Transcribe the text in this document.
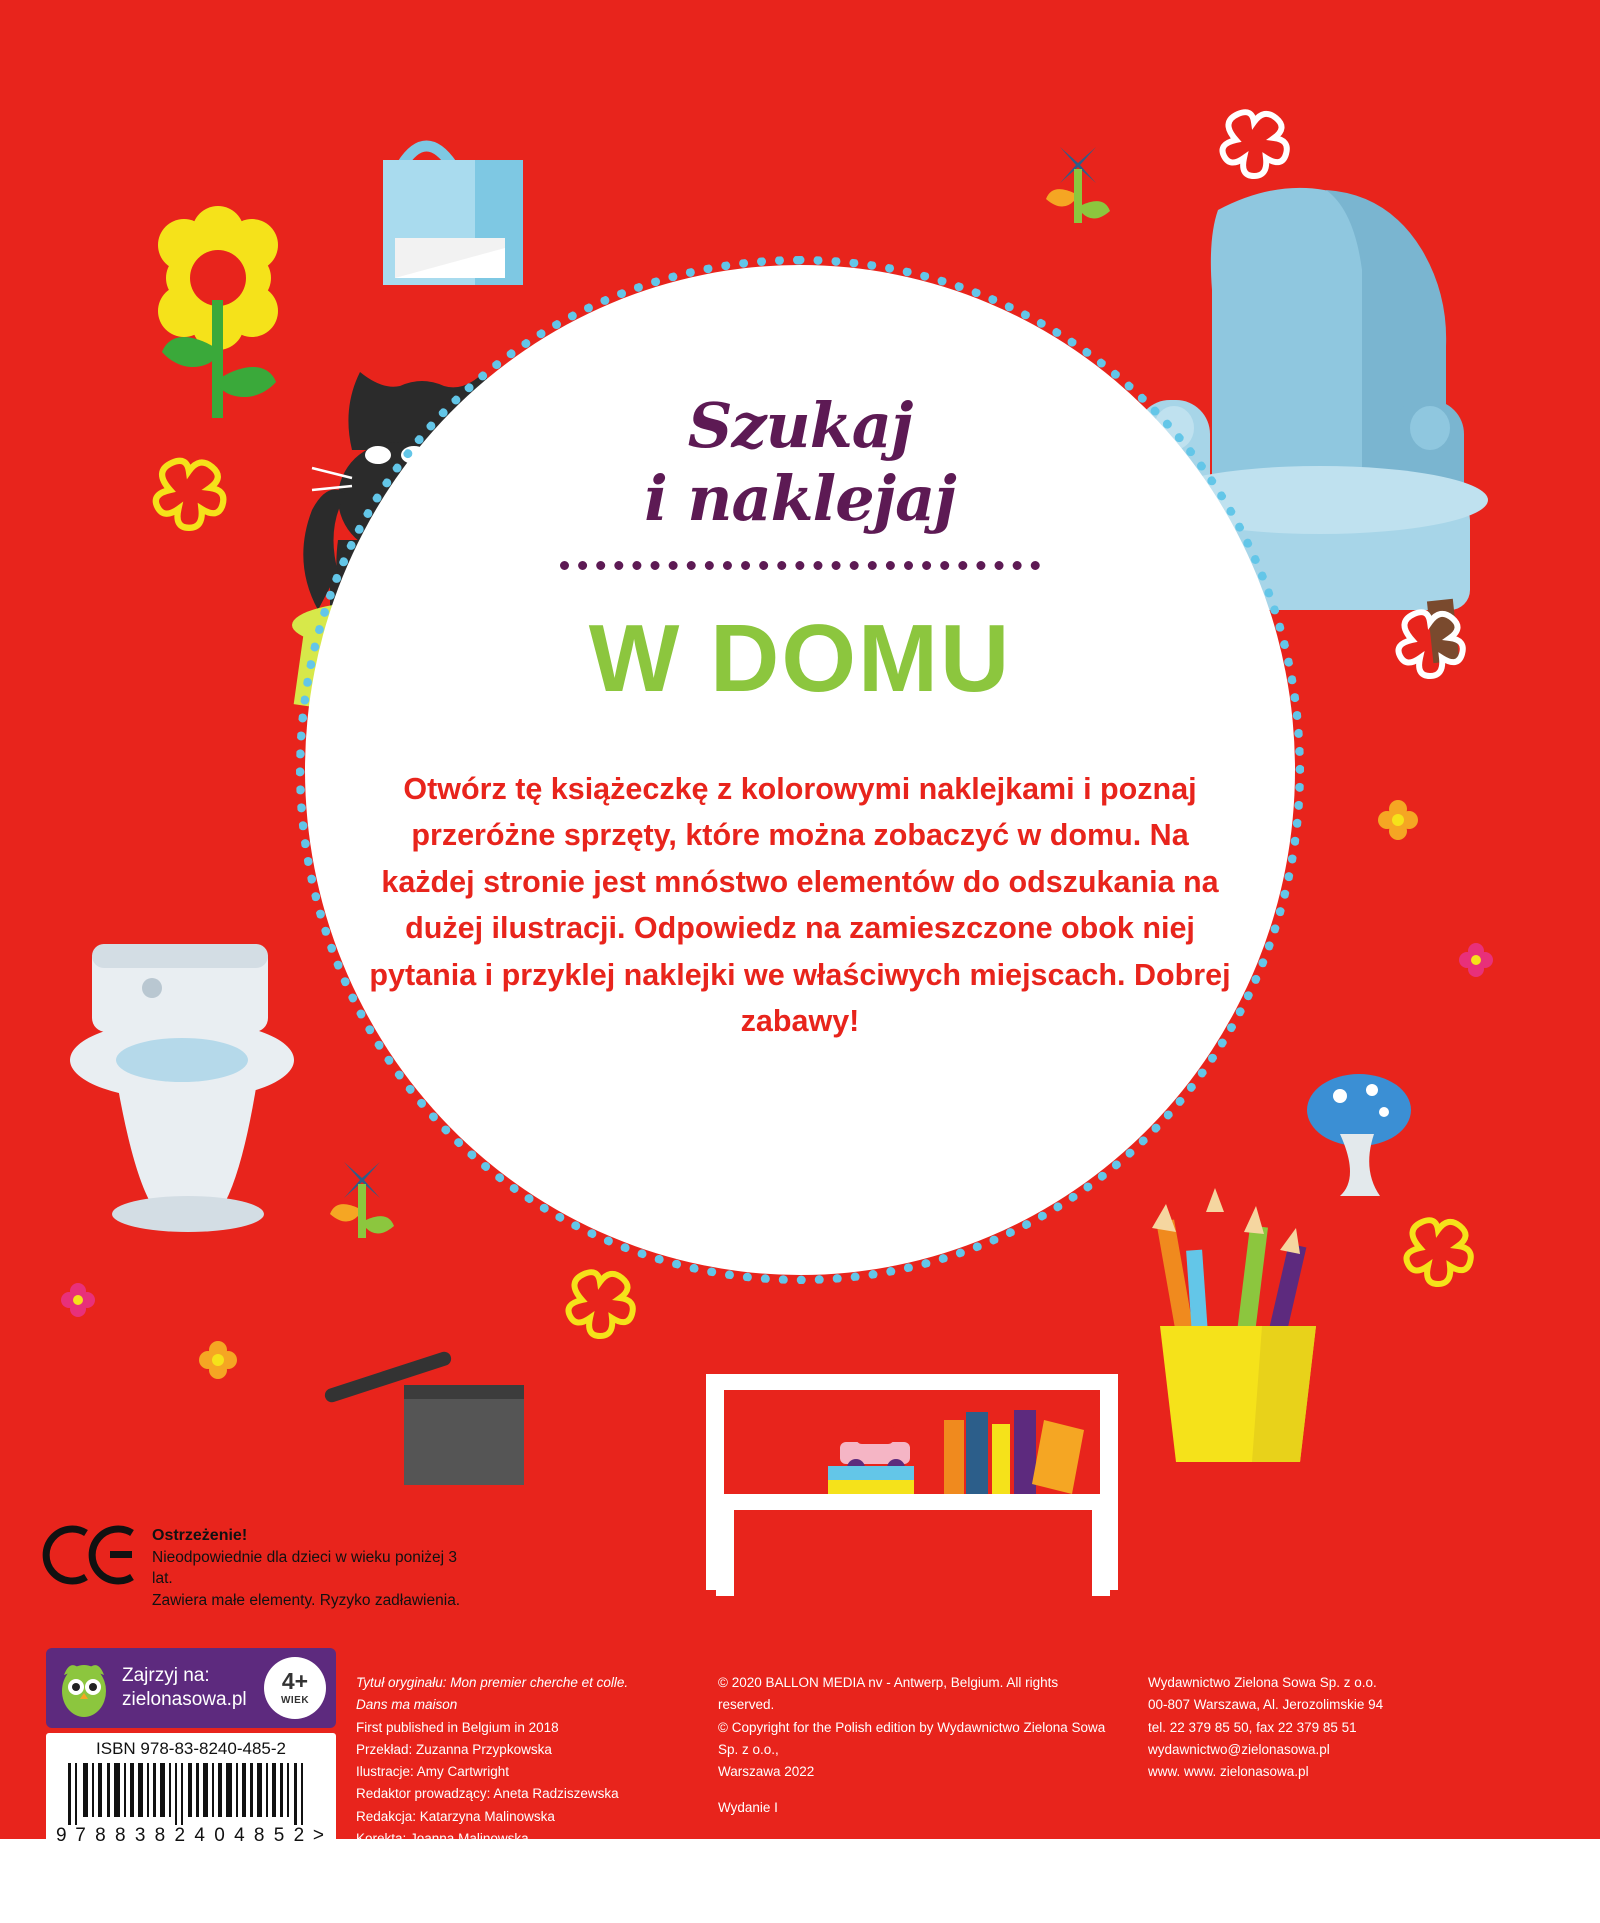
Szukaj
i naklejaj
W DOMU
Otwórz tę książeczkę z kolorowymi naklejkami i poznaj przeróżne sprzęty, które można zobaczyć w domu. Na każdej stronie jest mnóstwo elementów do odszukania na dużej ilustracji. Odpowiedz na zamieszczone obok niej pytania i przyklej naklejki we właściwych miejscach. Dobrej zabawy!
Ostrzeżenie!
Nieodpowiednie dla dzieci w wieku poniżej 3 lat.
Zawiera małe elementy. Ryzyko zadławienia.
Zajrzyj na:
zielonasowa.pl
4+
WIEK
ISBN 978-83-8240-485-2
9 7 8 8 3 8 2 4 0 4 8 5 2 >
Tytuł oryginału: Mon premier cherche et colle. Dans ma maison
First published in Belgium in 2018
Przekład: Zuzanna Przypkowska
Ilustracje: Amy Cartwright
Redaktor prowadzący: Aneta Radziszewska
Redakcja: Katarzyna Malinowska
Korekta: Joanna Malinowska
Projekt okładki, DTP: Kamil Pruszyński
© 2020 BALLON MEDIA nv - Antwerp, Belgium. All rights reserved.
© Copyright for the Polish edition by Wydawnictwo Zielona Sowa Sp. z o.o.,
Warszawa 2022
Wydanie I
Wszystkie prawa zastrzeżone. Przedruk lub kopiowanie całości albo
fragmentów książki możliwe jest tylko na podstawie pisemnej zgody wydawcy.
Wydawnictwo Zielona Sowa Sp. z o.o.
00-807 Warszawa, Al. Jerozolimskie 94
tel. 22 379 85 50, fax 22 379 85 51
wydawnictwo@zielonasowa.pl
www. www. zielonasowa.pl
